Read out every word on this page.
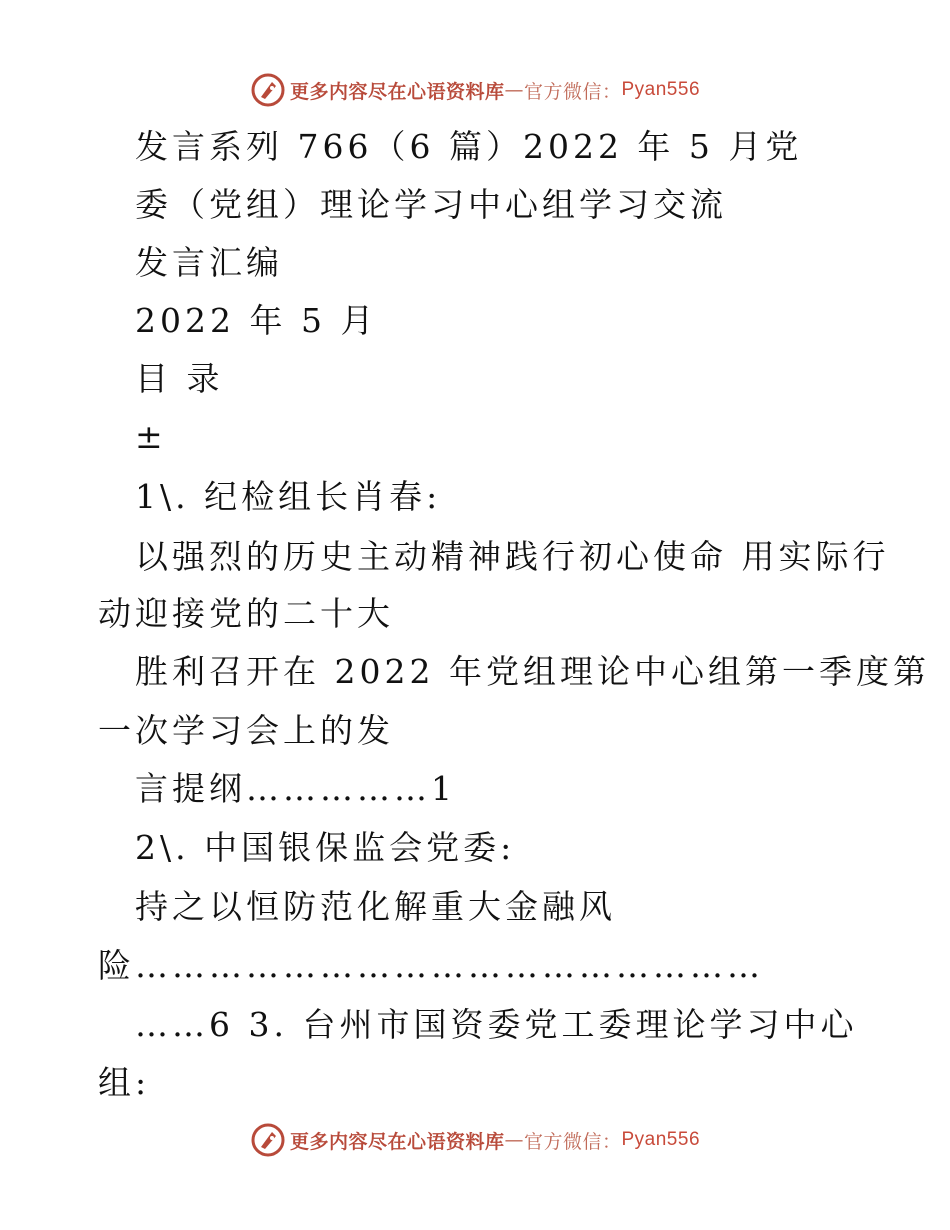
更多内容尽在心语资料库 — 官方微信： Pyan556
发言系列 766（6 篇）2022 年 5 月党
委（党组）理论学习中心组学习交流
发言汇编
2022 年 5 月
目 录
±
1\. 纪检组长肖春:
以强烈的历史主动精神践行初心使命 用实际行
动迎接党的二十大
胜利召开在 2022 年党组理论中心组第一季度第
一次学习会上的发
言提纲……………1
2\. 中国银保监会党委:
持之以恒防范化解重大金融风
险……………………………………………
……6 3. 台州市国资委党工委理论学习中心
组:
更多内容尽在心语资料库 — 官方微信： Pyan556
